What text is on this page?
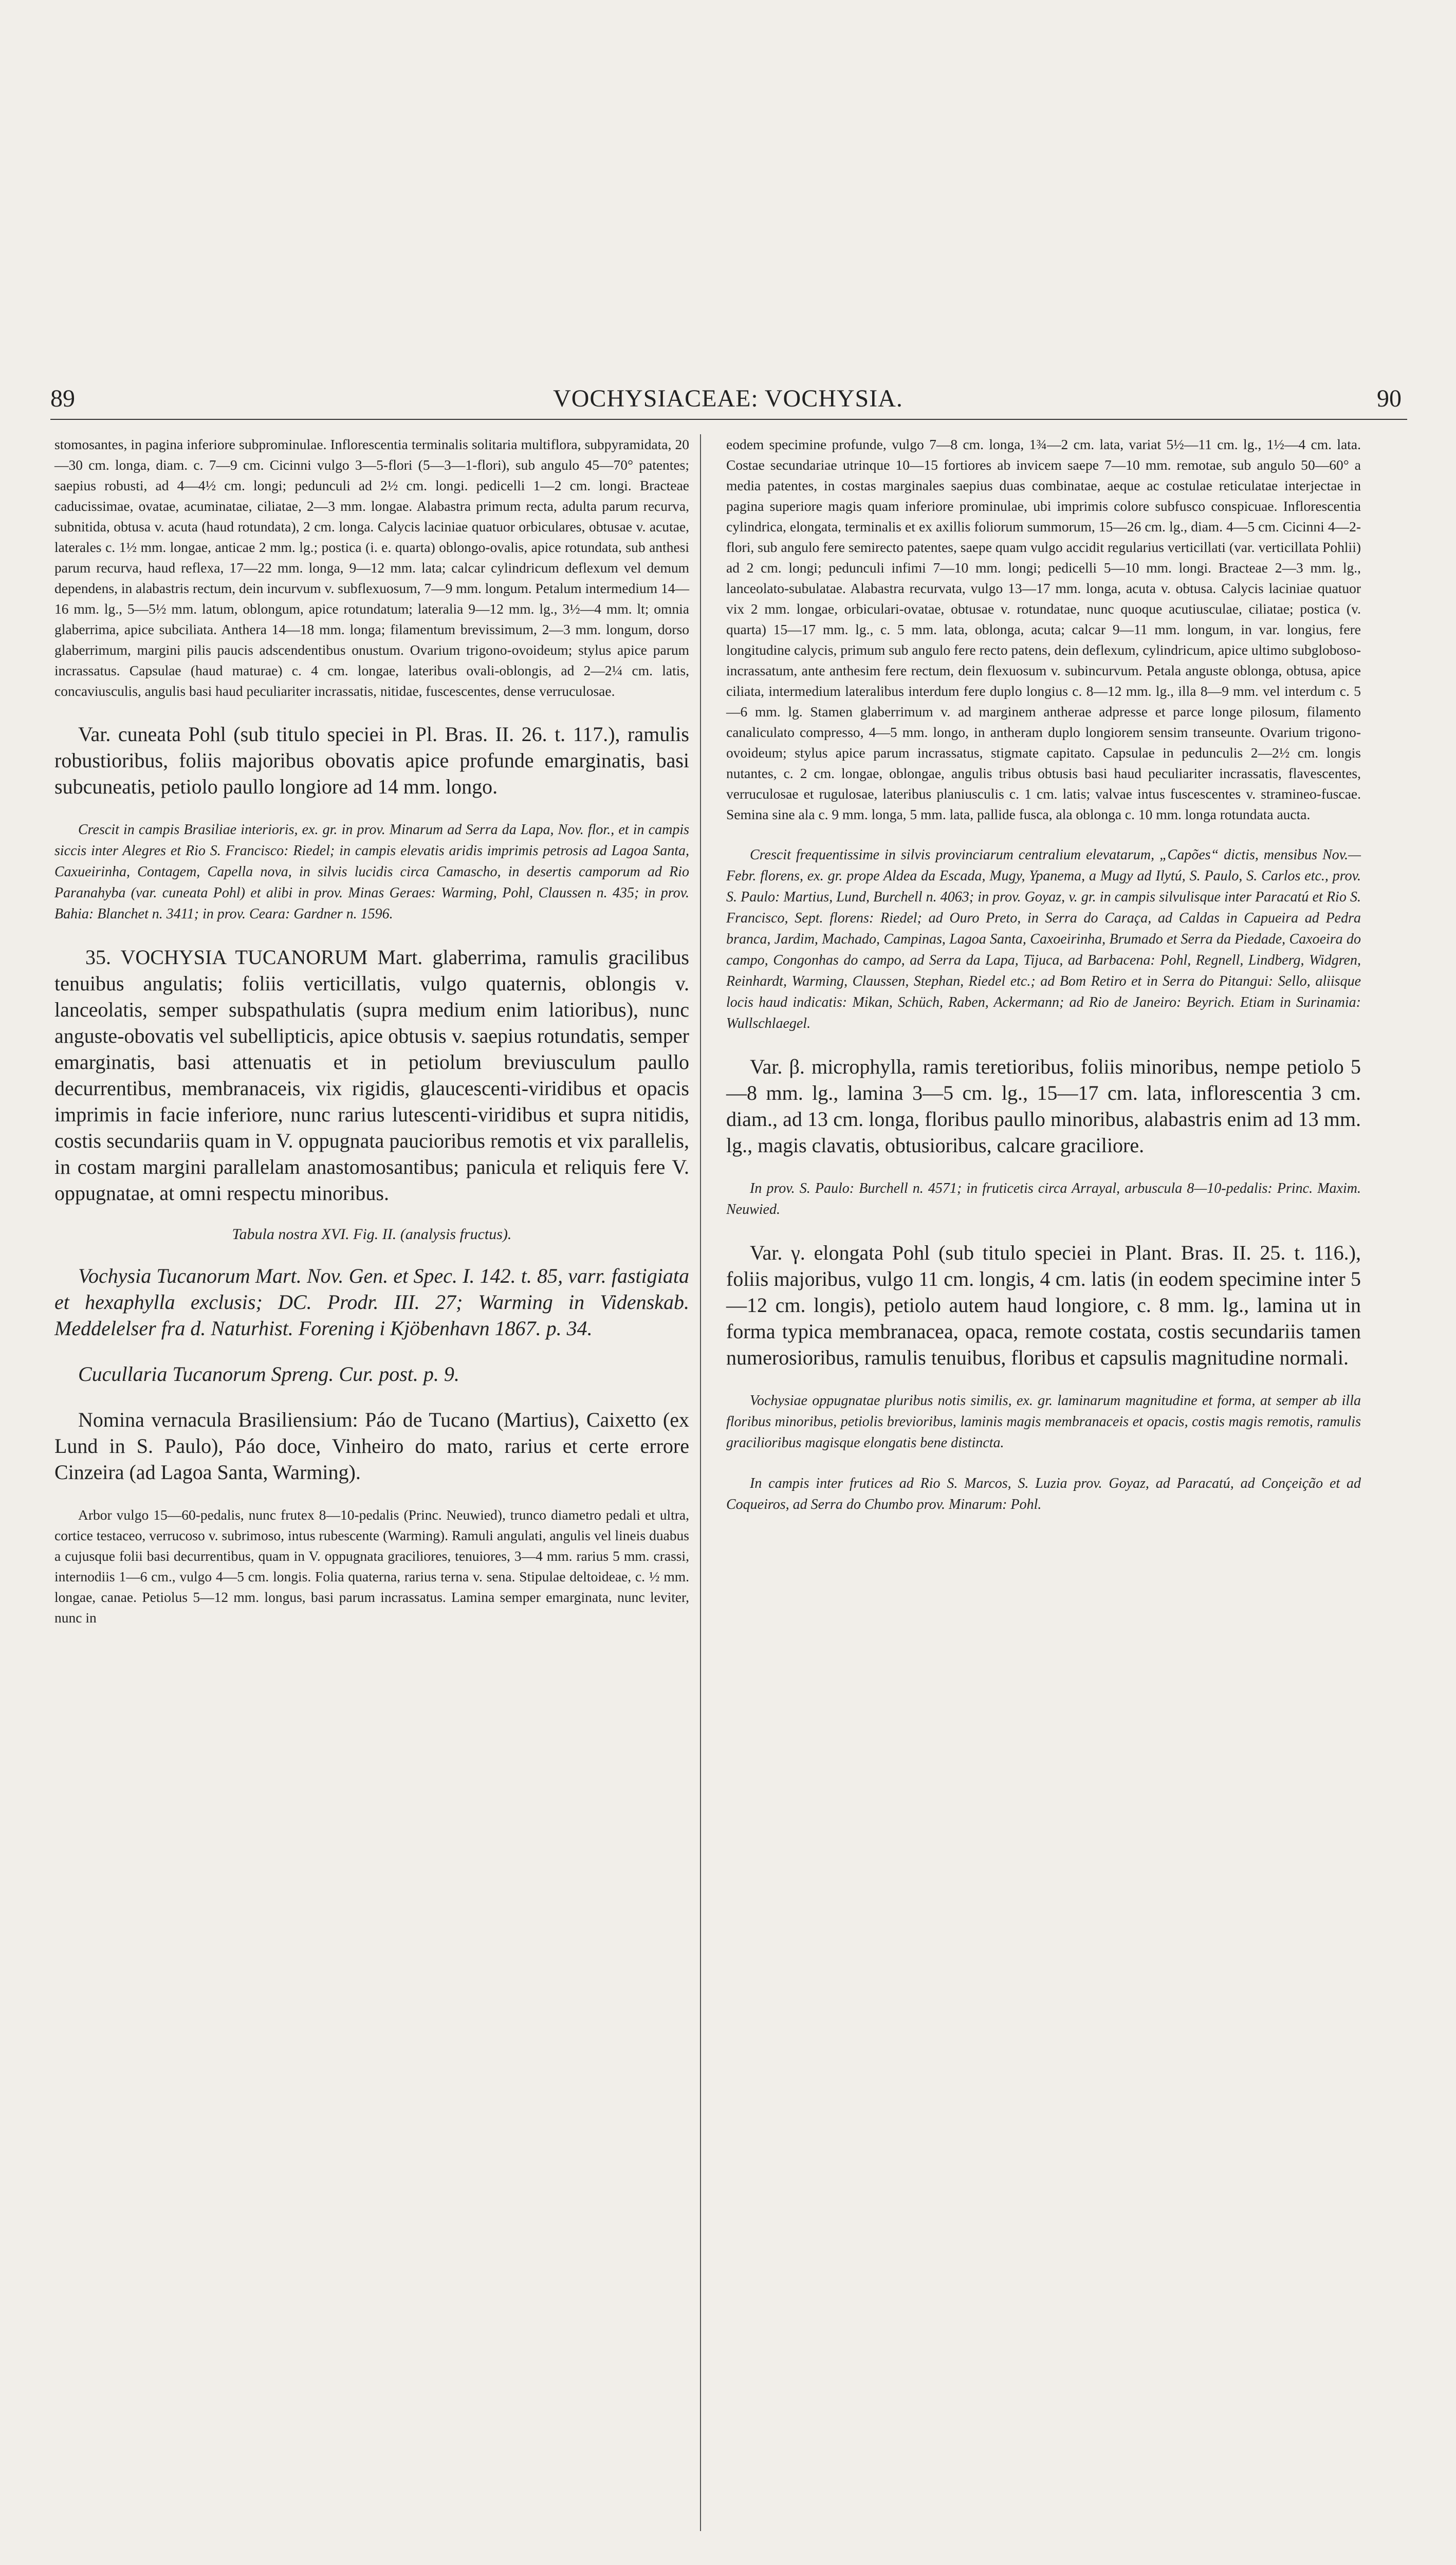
89	VOCHYSIACEAE: VOCHYSIA.	90

stomosantes, in pagina inferiore subprominulae. Inflorescentia terminalis solitaria multiflora, subpyramidata, 20—30 cm. longa, diam. c. 7—9 cm. Cicinni vulgo 3—5-flori (5—3—1-flori), sub angulo 45—70° patentes; saepius robusti, ad 4—4½ cm. longi; pedunculi ad 2½ cm. longi. pedicelli 1—2 cm. longi. Bracteae caducissimae, ovatae, acuminatae, ciliatae, 2—3 mm. longae. Alabastra primum recta, adulta parum recurva, subnitida, obtusa v. acuta (haud rotundata), 2 cm. longa. Calycis laciniae quatuor orbiculares, obtusae v. acutae, laterales c. 1½ mm. longae, anticae 2 mm. lg.; postica (i. e. quarta) oblongo-ovalis, apice rotundata, sub anthesi parum recurva, haud reflexa, 17—22 mm. longa, 9—12 mm. lata; calcar cylindricum deflexum vel demum dependens, in alabastris rectum, dein incurvum v. subflexuosum, 7—9 mm. longum. Petalum intermedium 14—16 mm. lg., 5—5½ mm. latum, oblongum, apice rotundatum; lateralia 9—12 mm. lg., 3½—4 mm. lt; omnia glaberrima, apice subciliata. Anthera 14—18 mm. longa; filamentum brevissimum, 2—3 mm. longum, dorso glaberrimum, margini pilis paucis adscendentibus onustum. Ovarium trigono-ovoideum; stylus apice parum incrassatus. Capsulae (haud maturae) c. 4 cm. longae, lateribus ovali-oblongis, ad 2—2¼ cm. latis, concaviusculis, angulis basi haud peculiariter incrassatis, nitidae, fuscescentes, dense verruculosae.

Var. cuneata Pohl (sub titulo speciei in Pl. Bras. II. 26. t. 117.), ramulis robustioribus, foliis majoribus obovatis apice profunde emarginatis, basi subcuneatis, petiolo paullo longiore ad 14 mm. longo.

Crescit in campis Brasiliae interioris, ex. gr. in prov. Minarum ad Serra da Lapa, Nov. flor., et in campis siccis inter Alegres et Rio S. Francisco: Riedel; in campis elevatis aridis imprimis petrosis ad Lagoa Santa, Caxueirinha, Contagem, Capella nova, in silvis lucidis circa Camascho, in desertis camporum ad Rio Paranahyba (var. cuneata Pohl) et alibi in prov. Minas Geraes: Warming, Pohl, Claussen n. 435; in prov. Bahia: Blanchet n. 3411; in prov. Ceara: Gardner n. 1596.

35. VOCHYSIA TUCANORUM Mart. glaberrima, ramulis gracilibus tenuibus angulatis; foliis verticillatis, vulgo quaternis, oblongis v. lanceolatis, semper subspathulatis (supra medium enim latioribus), nunc anguste-obovatis vel subellipticis, apice obtusis v. saepius rotundatis, semper emarginatis, basi attenuatis et in petiolum breviusculum paullo decurrentibus, membranaceis, vix rigidis, glaucescenti-viridibus et opacis imprimis in facie inferiore, nunc rarius lutescenti-viridibus et supra nitidis, costis secundariis quam in V. oppugnata paucioribus remotis et vix parallelis, in costam margini parallelam anastomosantibus; panicula et reliquis fere V. oppugnatae, at omni respectu minoribus.

Tabula nostra XVI. Fig. II. (analysis fructus).

Vochysia Tucanorum Mart. Nov. Gen. et Spec. I. 142. t. 85, varr. fastigiata et hexaphylla exclusis; DC. Prodr. III. 27; Warming in Videnskab. Meddelelser fra d. Naturhist. Forening i Kjöbenhavn 1867. p. 34.

Cucullaria Tucanorum Spreng. Cur. post. p. 9.

Nomina vernacula Brasiliensium: Páo de Tucano (Martius), Caixetto (ex Lund in S. Paulo), Páo doce, Vinheiro do mato, rarius et certe errore Cinzeira (ad Lagoa Santa, Warming).

Arbor vulgo 15—60-pedalis, nunc frutex 8—10-pedalis (Princ. Neuwied), trunco diametro pedali et ultra, cortice testaceo, verrucoso v. subrimoso, intus rubescente (Warming). Ramuli angulati, angulis vel lineis duabus a cujusque folii basi decurrentibus, quam in V. oppugnata graciliores, tenuiores, 3—4 mm. rarius 5 mm. crassi, internodiis 1—6 cm., vulgo 4—5 cm. longis. Folia quaterna, rarius terna v. sena. Stipulae deltoideae, c. ½ mm. longae, canae. Petiolus 5—12 mm. longus, basi parum incrassatus. Lamina semper emarginata, nunc leviter, nunc in

eodem specimine profunde, vulgo 7—8 cm. longa, 1¾—2 cm. lata, variat 5½—11 cm. lg., 1½—4 cm. lata. Costae secundariae utrinque 10—15 fortiores ab invicem saepe 7—10 mm. remotae, sub angulo 50—60° a media patentes, in costas marginales saepius duas combinatae, aeque ac costulae reticulatae interjectae in pagina superiore magis quam inferiore prominulae, ubi imprimis colore subfusco conspicuae. Inflorescentia cylindrica, elongata, terminalis et ex axillis foliorum summorum, 15—26 cm. lg., diam. 4—5 cm. Cicinni 4—2-flori, sub angulo fere semirecto patentes, saepe quam vulgo accidit regularius verticillati (var. verticillata Pohlii) ad 2 cm. longi; pedunculi infimi 7—10 mm. longi; pedicelli 5—10 mm. longi. Bracteae 2—3 mm. lg., lanceolato-subulatae. Alabastra recurvata, vulgo 13—17 mm. longa, acuta v. obtusa. Calycis laciniae quatuor vix 2 mm. longae, orbiculari-ovatae, obtusae v. rotundatae, nunc quoque acutiusculae, ciliatae; postica (v. quarta) 15—17 mm. lg., c. 5 mm. lata, oblonga, acuta; calcar 9—11 mm. longum, in var. longius, fere longitudine calycis, primum sub angulo fere recto patens, dein deflexum, cylindricum, apice ultimo subgloboso-incrassatum, ante anthesim fere rectum, dein flexuosum v. subincurvum. Petala anguste oblonga, obtusa, apice ciliata, intermedium lateralibus interdum fere duplo longius c. 8—12 mm. lg., illa 8—9 mm. vel interdum c. 5—6 mm. lg. Stamen glaberrimum v. ad marginem antherae adpresse et parce longe pilosum, filamento canaliculato compresso, 4—5 mm. longo, in antheram duplo longiorem sensim transeunte. Ovarium trigono-ovoideum; stylus apice parum incrassatus, stigmate capitato. Capsulae in pedunculis 2—2½ cm. longis nutantes, c. 2 cm. longae, oblongae, angulis tribus obtusis basi haud peculiariter incrassatis, flavescentes, verruculosae et rugulosae, lateribus planiusculis c. 1 cm. latis; valvae intus fuscescentes v. stramineo-fuscae. Semina sine ala c. 9 mm. longa, 5 mm. lata, pallide fusca, ala oblonga c. 10 mm. longa rotundata aucta.

Crescit frequentissime in silvis provinciarum centralium elevatarum, „Capões“ dictis, mensibus Nov.—Febr. florens, ex. gr. prope Aldea da Escada, Mugy, Ypanema, a Mugy ad Ilytú, S. Paulo, S. Carlos etc., prov. S. Paulo: Martius, Lund, Burchell n. 4063; in prov. Goyaz, v. gr. in campis silvulisque inter Paracatú et Rio S. Francisco, Sept. florens: Riedel; ad Ouro Preto, in Serra do Caraça, ad Caldas in Capueira ad Pedra branca, Jardim, Machado, Campinas, Lagoa Santa, Caxoeirinha, Brumado et Serra da Piedade, Caxoeira do campo, Congonhas do campo, ad Serra da Lapa, Tijuca, ad Barbacena: Pohl, Regnell, Lindberg, Widgren, Reinhardt, Warming, Claussen, Stephan, Riedel etc.; ad Bom Retiro et in Serra do Pitangui: Sello, aliisque locis haud indicatis: Mikan, Schüch, Raben, Ackermann; ad Rio de Janeiro: Beyrich. Etiam in Surinamia: Wullschlaegel.

Var. β. microphylla, ramis teretioribus, foliis minoribus, nempe petiolo 5—8 mm. lg., lamina 3—5 cm. lg., 15—17 cm. lata, inflorescentia 3 cm. diam., ad 13 cm. longa, floribus paullo minoribus, alabastris enim ad 13 mm. lg., magis clavatis, obtusioribus, calcare graciliore.

In prov. S. Paulo: Burchell n. 4571; in fruticetis circa Arrayal, arbuscula 8—10-pedalis: Princ. Maxim. Neuwied.

Var. γ. elongata Pohl (sub titulo speciei in Plant. Bras. II. 25. t. 116.), foliis majoribus, vulgo 11 cm. longis, 4 cm. latis (in eodem specimine inter 5—12 cm. longis), petiolo autem haud longiore, c. 8 mm. lg., lamina ut in forma typica membranacea, opaca, remote costata, costis secundariis tamen numerosioribus, ramulis tenuibus, floribus et capsulis magnitudine normali.

Vochysiae oppugnatae pluribus notis similis, ex. gr. laminarum magnitudine et forma, at semper ab illa floribus minoribus, petiolis brevioribus, laminis magis membranaceis et opacis, costis magis remotis, ramulis gracilioribus magisque elongatis bene distincta.

In campis inter frutices ad Rio S. Marcos, S. Luzia prov. Goyaz, ad Paracatú, ad Conçeição et ad Coqueiros, ad Serra do Chumbo prov. Minarum: Pohl.
